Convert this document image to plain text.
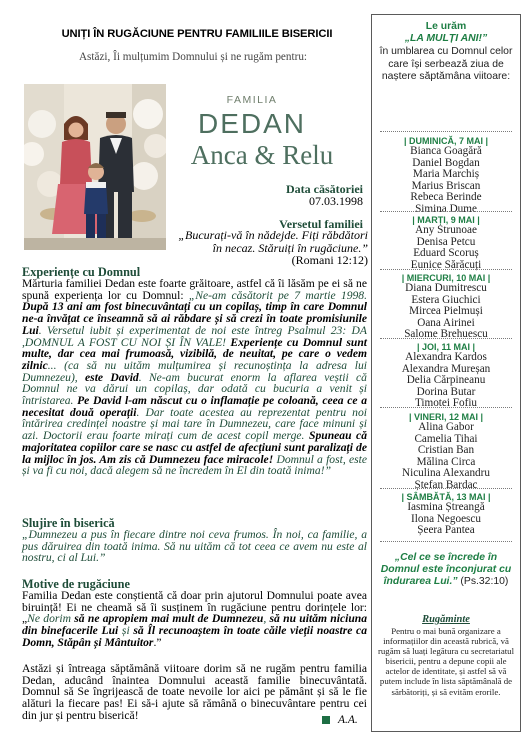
UNIȚI ÎN RUGĂCIUNE PENTRU FAMILIILE BISERICII
Astăzi, Îi mulțumim Domnului și ne rugăm pentru:
FAMILIA
DEDAN
Anca & Relu
Data căsătoriei
07.03.1998
Versetul familiei
„Bucurați-vă în nădejde. Fiți răbdători
în necaz. Stăruiți în rugăciune.” (Romani 12:12)
Experiențe cu Domnul
Mărturia familiei Dedan este foarte grăitoare, astfel că îi lăsăm pe ei să ne spună experiența lor cu Domnul: „Ne-am căsătorit pe 7 martie 1998. După 13 ani am fost binecuvântați cu un copilaș, timp în care Domnul ne-a învățat ce înseamnă să ai răbdare și să crezi în toate promisiunile Lui. Versetul iubit și experimentat de noi este întreg Psalmul 23: DA ,DOMNUL A FOST CU NOI ȘI ÎN VALE! Experiențe cu Domnul sunt multe, dar cea mai frumoasă, vizibilă, de neuitat, pe care o vedem zilnic... (ca să nu uităm mulțumirea și recunoștința la adresa lui Dumnezeu), este David. Ne-am bucurat enorm la aflarea veștii că Domnul ne va dărui un copilaș, dar odată cu bucuria a venit și întristarea. Pe David l-am născut cu o inflamație pe coloană, ceea ce a necesitat două operații. Dar toate acestea au reprezentat pentru noi întărirea credinței noastre și mai tare în Dumnezeu, care face minuni și azi. Doctorii erau foarte mirați cum de acest copil merge. Spuneau că majoritatea copiilor care se nasc cu astfel de afecțiuni sunt paralizați de la mijloc în jos. Am zis că Dumnezeu face miracole! Domnul a fost, este și va fi cu noi, dacă alegem să ne încredem în El din toată inima!”
Slujire în biserică
„Dumnezeu a pus în fiecare dintre noi ceva frumos. În noi, ca familie, a pus dăruirea din toată inima. Să nu uităm că tot ceea ce avem nu este al nostru, ci al Lui.”
Motive de rugăciune
Familia Dedan este conștientă că doar prin ajutorul Domnului poate avea biruință! Ei ne cheamă să îi susținem în rugăciune pentru dorințele lor: „Ne dorim să ne apropiem mai mult de Dumnezeu, să nu uităm niciuna din binefacerile Lui și să Îl recunoaștem în toate căile vieții noastre ca Domn, Stăpân și Mântuitor.”
Astăzi și întreaga săptămână viitoare dorim să ne rugăm pentru familia Dedan, aducând înaintea Domnului această familie binecuvântată. Domnul să Se îngrijească de toate nevoile lor aici pe pământ și să le fie alături la fiecare pas! Ei să-i ajute să rămână o binecuvântare pentru cei din jur și pentru biserică!	A.A.
Le urăm
„LA MULȚI ANI!”
în umblarea cu Domnul celor care își serbează ziua de naștere săptămâna viitoare:
| DUMINICĂ, 7 MAI |
Bianca Goagără
Daniel Bogdan
Maria Marchiș
Marius Briscan
Rebeca Berinde
Simina Dume
| MARȚI, 9 MAI |
Any Strunoae
Denisa Petcu
Eduard Scoruș
Eunice Sărăcuți
| MIERCURI, 10 MAI |
Diana Dumitrescu
Estera Giuchici
Mircea Pielmuși
Oana Airinei
Salome Brehuescu
| JOI, 11 MAI |
Alexandra Kardos
Alexandra Mureșan
Delia Cărpineanu
Dorina Butar
Timotei Fofiu
| VINERI, 12 MAI |
Alina Gabor
Camelia Tihai
Cristian Ban
Mălina Circa
Niculina Alexandru
Ștefan Bardac
| SÂMBĂTĂ, 13 MAI |
Iasmina Ștreangă
Ilona Negoescu
Șeera Pantea
„Cel ce se încrede în Domnul este înconjurat cu îndurarea Lui.” (Ps.32:10)
Rugăminte
Pentru o mai bună organizare a informațiilor din această rubrică, vă rugăm să luați legătura cu secretariatul bisericii, pentru a depune copii ale actelor de identitate, și astfel să vă putem include în lista săptămânală de sărbătoriți, și să evităm erorile.
